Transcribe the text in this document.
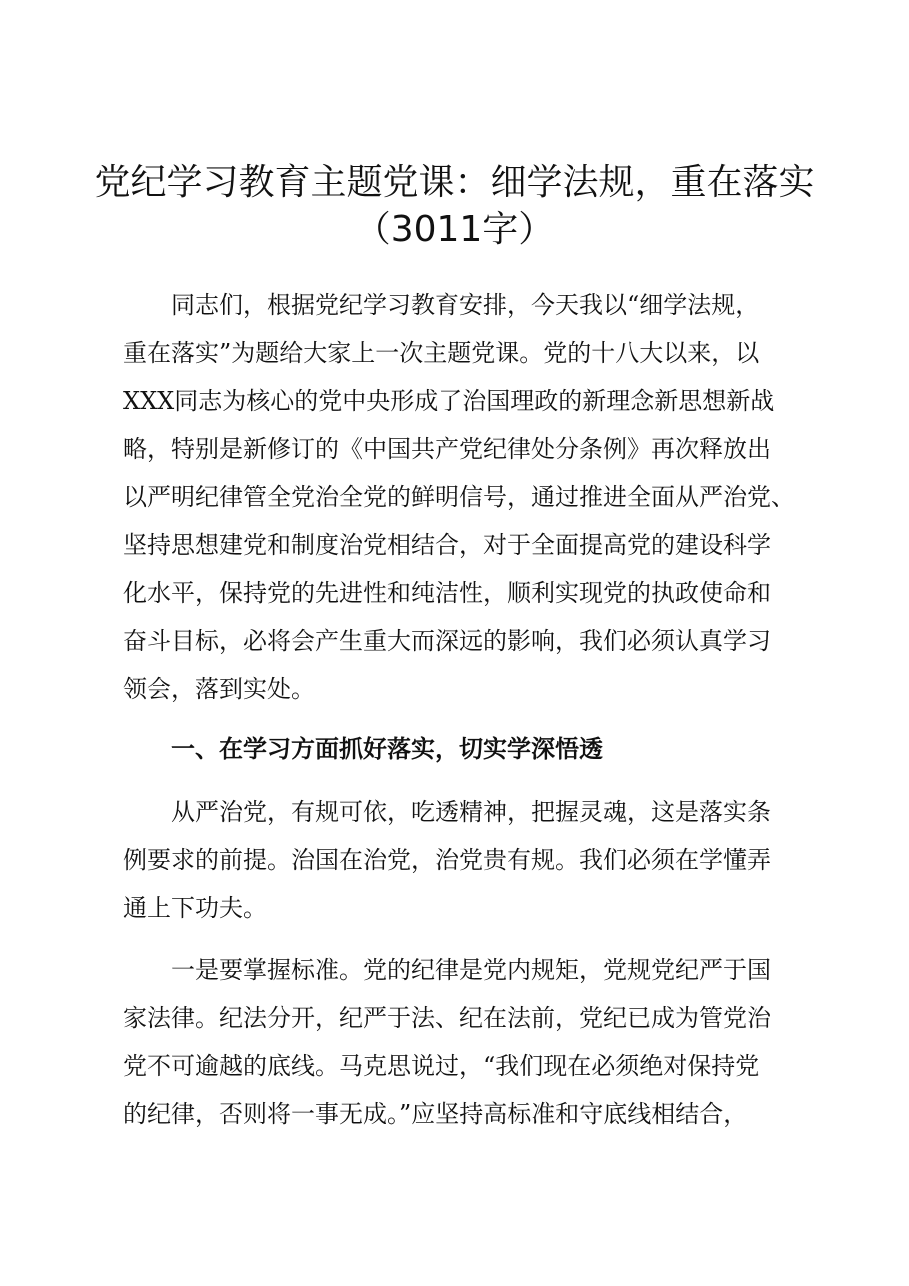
党纪学习教育主题党课：细学法规，重在落实
（3011字）

同志们，根据党纪学习教育安排，今天我以“细学法规，

重在落实”为题给大家上一次主题党课。党的十八大以来，以

XXX同志为核心的党中央形成了治国理政的新理念新思想新战

略，特别是新修订的《中国共产党纪律处分条例》再次释放出

以严明纪律管全党治全党的鲜明信号，通过推进全面从严治党、

坚持思想建党和制度治党相结合，对于全面提高党的建设科学

化水平，保持党的先进性和纯洁性，顺利实现党的执政使命和

奋斗目标，必将会产生重大而深远的影响，我们必须认真学习

领会，落到实处。

一、在学习方面抓好落实，切实学深悟透

从严治党，有规可依，吃透精神，把握灵魂，这是落实条

例要求的前提。治国在治党，治党贵有规。我们必须在学懂弄

通上下功夫。

一是要掌握标准。党的纪律是党内规矩，党规党纪严于国

家法律。纪法分开，纪严于法、纪在法前，党纪已成为管党治

党不可逾越的底线。马克思说过，“我们现在必须绝对保持党

的纪律，否则将一事无成。”应坚持高标准和守底线相结合，
